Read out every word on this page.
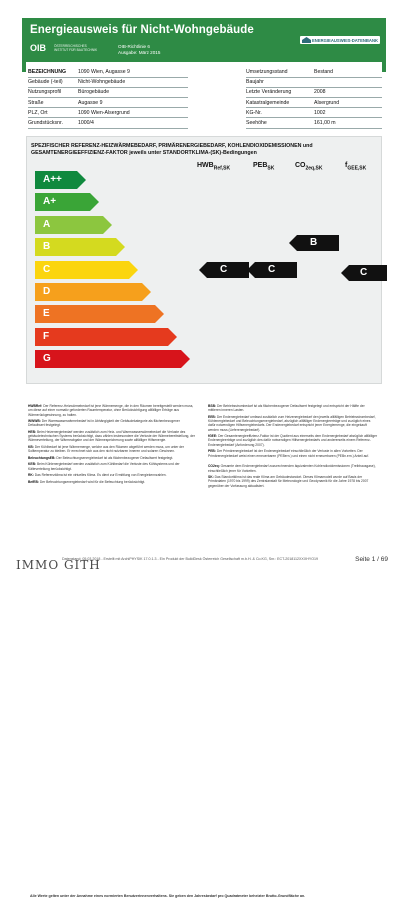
Energieausweis für Nicht-Wohngebäude
OIB ÖSTERREICHISCHES INSTITUT FÜR BAUTECHNIK
OIB-Richtlinie 6
Ausgabe: März 2015
ENERGIEAUSWEIS-DATENBANK
BEZEICHNUNG 1090 Wien, Augasse 9
Gebäude (-teil)	Nicht-Wohngebäude
Nutzungsprofil	Bürogebäude
Straße	Augasse 9
PLZ, Ort	1090 Wien-Alsergrund
Grundstücksnr.	1000/4
Umsetzungsstand	Bestand
Baujahr
Letzte Veränderung	2008
Katastralgemeinde	Alsergrund
KG-Nr.	1002
Seehöhe	161,00 m
SPEZIFISCHER REFERENZ-HEIZWÄRMEBEDARF, PRIMÄRENERGIEBEDARF, KOHLENDIOXIDEMISSIONEN und GESAMTENERGIEEFFIZIENZ-FAKTOR jeweils unter STANDORTKLIMA-(SK)-Bedingungen
$HWB_{Ref,SK}$	$PEB_{SK}$	$CO_{2eq,SK}$	$f_{GEE,SK}$
A++
A+
A
B
C
D
E
F
G
C	C
B
C
HWBRef: Der Referenz-Heizwärmebedarf ist jene Wärmemenge, die in den Räumen bereitgestellt werden muss, um diese auf einer normativ geforderten Raumtemperatur, ohne Berücksichtigung allfälliger Erträge aus Wärmerückgewinnung, zu halten.
WWWB: Der Warmwasserwärmebedarf ist in Abhängigkeit der Gebäudekategorie als flächenbezogener Defaultwert festgelegt.
HEB: Beim Heizenergiebedarf werden zusätzlich zum Heiz- und Warmwasserwärmebedarf die Verluste des gebäudetechnischen Systems berücksichtigt, dazu zählen insbesondere die Verluste der Wärmebereitstellung, der Wärmeverteilung, der Wärmeabgabe und der Wärmespeicherung sowie allfälliger Hilfsenergie.
KB: Der Kühlbedarf ist jene Wärmemenge, welche aus den Räumen abgeführt werden muss, um unter der Solltemperatur zu bleiben. Er errechnet sich aus den nicht nutzbaren inneren und solaren Gewinnen.
BeleuchtungsEB: Der Beleuchtungsenergiebedarf ist als flächenbezogener Defaultwert festgelegt.
KEB: Beim Kühlenergiebedarf werden zusätzlich zum Kühlbedarf die Verluste des Kühlsystems und der Kälteverteilung berücksichtigt.
RK: Das Referenzklima ist ein virtuelles Klima. Es dient zur Ermittlung von Energiekennzahlen.
BefEB: Der Befeuchtungsenergiebedarf wird für die Befeuchtung berücksichtigt.
BSB: Der Betriebsstrombedarf ist als flächenbezogener Defaultwert festgelegt und entspricht der Hälfte der mittleren inneren Lasten.
EEB: Der Endenergiebedarf umfasst zusätzlich zum Heizenergiebedarf den jeweils allfälligen Betriebsstrombedarf, Kühlenergiebedarf und Beleuchtungsenergiebedarf, abzüglich allfälliger Endenergieerträge und zuzüglich eines dafür notwendigen Hilfsenergiebedarfs. Der Endenergiebedarf entspricht jener Energiemenge, die eingekauft werden muss (Lieferenergiebedarf).
fGEE: Der Gesamtenergieeffizienz-Faktor ist der Quotient aus einerseits dem Endenergiebedarf abzüglich allfälliger Endenergieerträge und zuzüglich des dafür notwendigen Hilfsenergiebedarfs und andererseits einem Referenz-Endenergiebedarf (Anforderung 2007).
PEB: Der Primärenergiebedarf ist der Endenergiebedarf einschließlich der Verluste in allen Vorketten. Der Primärenergiebedarf weist einen erneuerbaren (PEBern.) und einen nicht erneuerbaren (PEBn.ern.) Anteil auf.
CO2eq: Gesamte dem Endenergiebedarf zuzurechnenden äquivalenten Kohlendioxidemissionen (Treibhausgase), einschließlich jener für Vorketten.
SK: Das Standortklima ist das reale Klima am Gebäudestandort. Dieses Klimamodell wurde auf Basis der Primärdaten (1970 bis 1999) des Zentralanstalt für Meteorologie und Geodynamik für die Jahre 1978 bis 2007 gegenüber der Vorfassung aktualisiert.
Alle Werte gelten unter der Annahme eines normierten Benutzerinnenverhaltens. Sie geben den Jahresbedarf pro Quadratmeter beheizter Brutto-Grundfläche an.
IMMO GITH
Datenstand: 05.03.2018 - Erstellt mit ArchiPHYSIK 17.0.1.3 - Ein Produkt der BuildDesk Österreich Gesellschaft m.b.H. & Co.KG, Snr.: ECT-2018112XXXHYO19	Seite 1 / 69
